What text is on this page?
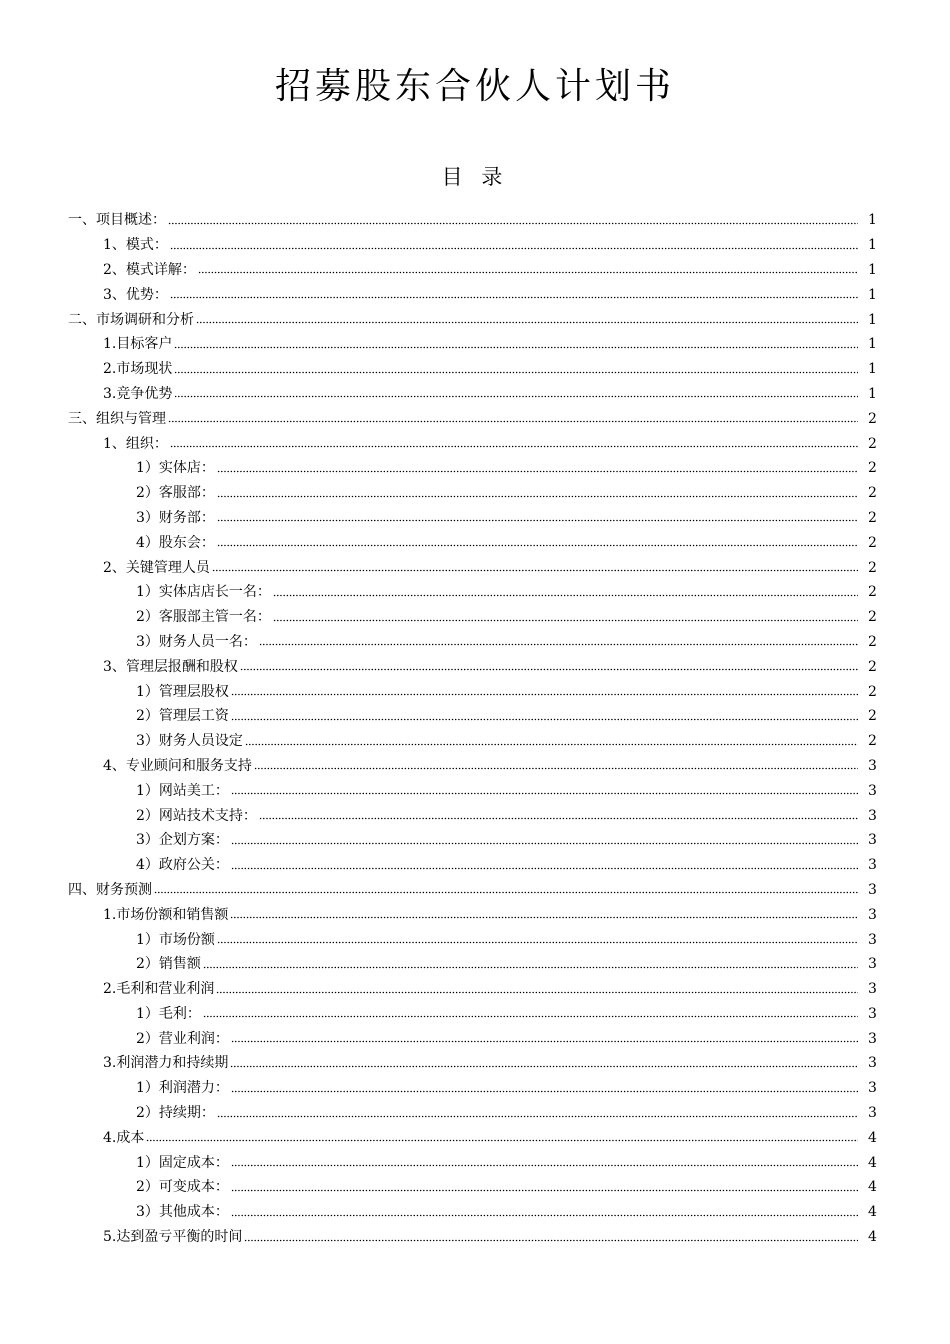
招募股东合伙人计划书
目 录
一、项目概述：	1
1、模式：	1
2、模式详解：	1
3、优势：	1
二、市场调研和分析	1
1.目标客户	1
2.市场现状	1
3.竞争优势	1
三、组织与管理	2
1、组织：	2
1）实体店：	2
2）客服部：	2
3）财务部：	2
4）股东会：	2
2、关键管理人员	2
1）实体店店长一名：	2
2）客服部主管一名：	2
3）财务人员一名：	2
3、管理层报酬和股权	2
1）管理层股权	2
2）管理层工资	2
3）财务人员设定	2
4、专业顾问和服务支持	3
1）网站美工：	3
2）网站技术支持：	3
3）企划方案：	3
4）政府公关：	3
四、财务预测	3
1.市场份额和销售额	3
1）市场份额	3
2）销售额	3
2.毛利和营业利润	3
1）毛利：	3
2）营业利润：	3
3.利润潜力和持续期	3
1）利润潜力：	3
2）持续期：	3
4.成本	4
1）固定成本：	4
2）可变成本：	4
3）其他成本：	4
5.达到盈亏平衡的时间	4
